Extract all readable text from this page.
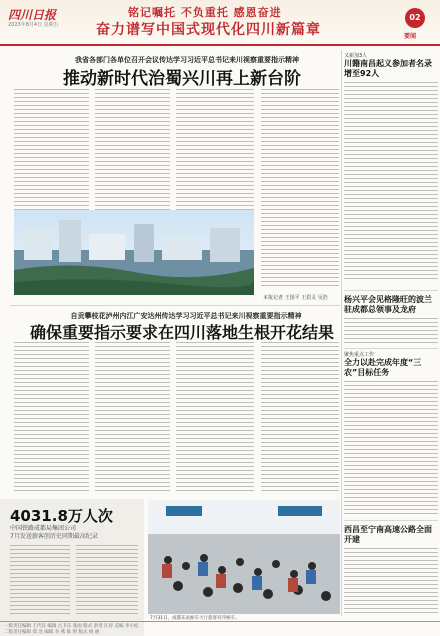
四川日报
2023年8月4日 星期五
铭记嘱托 不负重托 感恩奋进
奋力谱写中国式现代化四川新篇章
02
要闻
我省各部门各单位召开会议传达学习习近平总书记来川视察重要指示精神
推动新时代治蜀兴川再上新台阶
本报记者 王国平 王眉灵 吴浩
自贡攀枝花泸州内江广安达州传达学习习近平总书记来川视察重要指示精神
确保重要指示要求在四川落地生根开花结果
4031.8万人次
中国铁路成都局集团公司
7月发送旅客创历史同期最高纪录
7月31日，成都东站候车大厅旅客有序候车。
又新加3人
川籍南昌起义参加者名录增至92人
杨兴平会见格隆旺的波兰驻成都总领事及龙府
聚焦重点工作
全力以赴完成年度“三农”目标任务
西昌至宁南高速公路全面开建
一版责任编辑 王代钰 编辑 古卫东 张雨 版式 余进 汪涛 美编 李小松
二版责任编辑 郑 浩 编辑 李 燕 陈 明 版式 杨 丽
